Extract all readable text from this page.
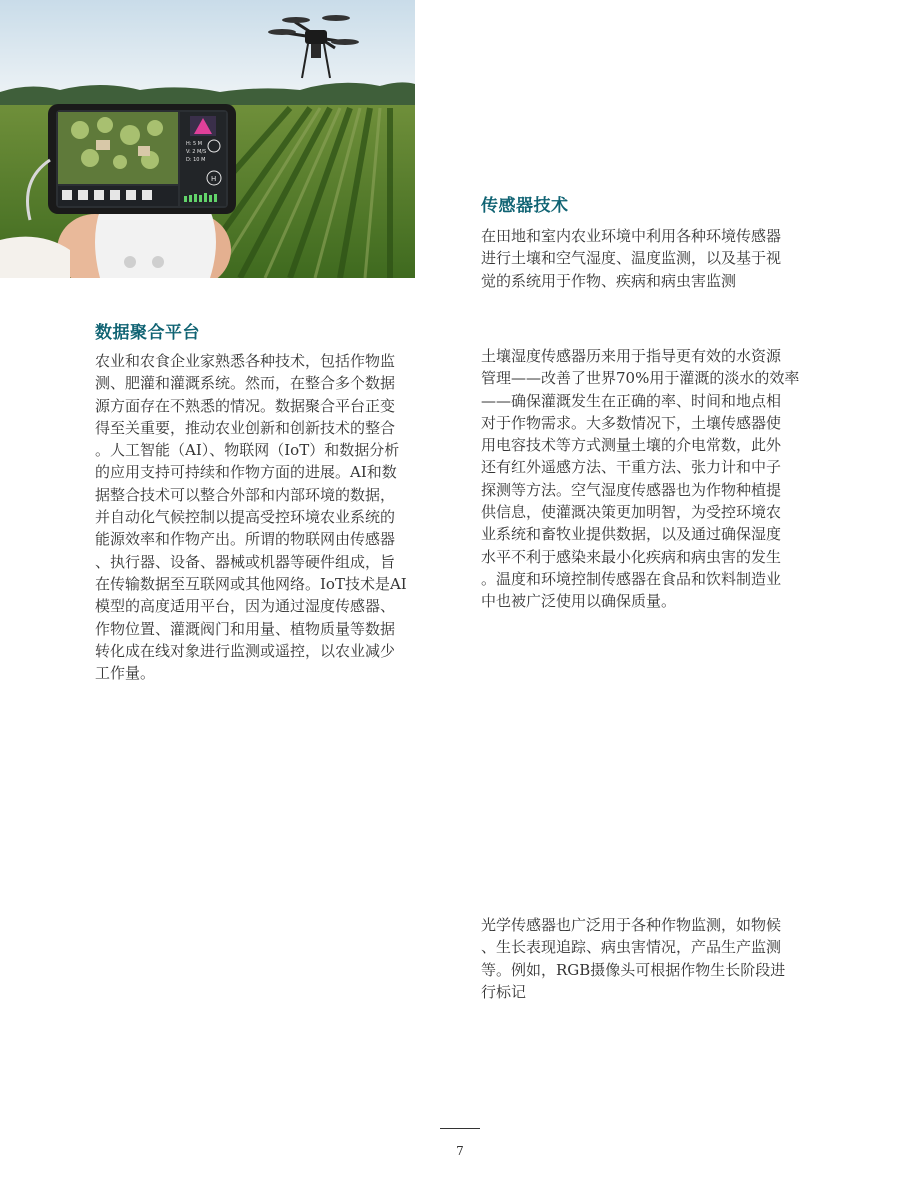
H: 5 M
V: 2 M/S
D: 10 M
H
传感器技术

在田地和室内农业环境中利用各种环境传感器
进行土壤和空气湿度、温度监测，以及基于视
觉的系统用于作物、疾病和病虫害监测

数据聚合平台

农业和农食企业家熟悉各种技术，包括作物监
测、肥灌和灌溉系统。然而，在整合多个数据
源方面存在不熟悉的情况。数据聚合平台正变
得至关重要，推动农业创新和创新技术的整合
。人工智能（AI）、物联网（IoT）和数据分析
的应用支持可持续和作物方面的进展。AI和数
据整合技术可以整合外部和内部环境的数据，
并自动化气候控制以提高受控环境农业系统的
能源效率和作物产出。所谓的物联网由传感器
、执行器、设备、器械或机器等硬件组成，旨
在传输数据至互联网或其他网络。IoT技术是AI
模型的高度适用平台，因为通过湿度传感器、
作物位置、灌溉阀门和用量、植物质量等数据
转化成在线对象进行监测或遥控，以农业减少
工作量。

土壤湿度传感器历来用于指导更有效的水资源
管理——改善了世界70%用于灌溉的淡水的效率
——确保灌溉发生在正确的率、时间和地点相
对于作物需求。大多数情况下，土壤传感器使
用电容技术等方式测量土壤的介电常数，此外
还有红外遥感方法、干重方法、张力计和中子
探测等方法。空气湿度传感器也为作物种植提
供信息，使灌溉决策更加明智，为受控环境农
业系统和畜牧业提供数据，以及通过确保湿度
水平不利于感染来最小化疾病和病虫害的发生
。温度和环境控制传感器在食品和饮料制造业
中也被广泛使用以确保质量。

光学传感器也广泛用于各种作物监测，如物候
、生长表现追踪、病虫害情况，产品生产监测
等。例如，RGB摄像头可根据作物生长阶段进
行标记

7
